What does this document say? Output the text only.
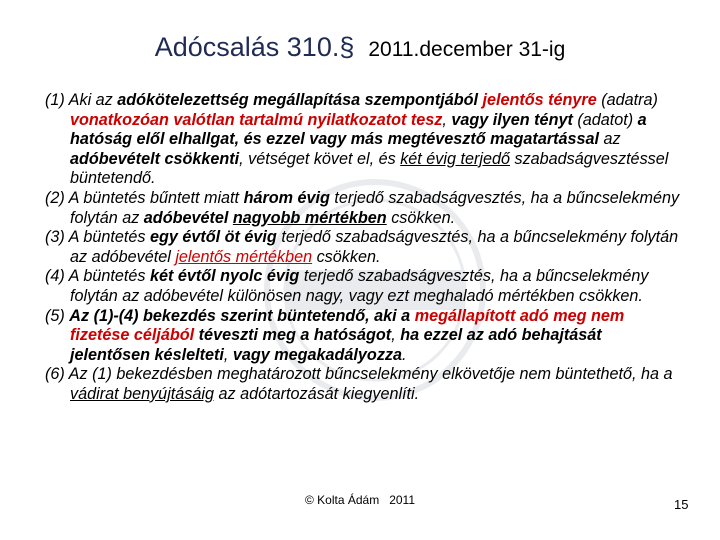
Adócsalás 310.§ 2011.december 31-ig

(1) Aki az adókötelezettség megállapítása szempontjából jelentős tényre (adatra) vonatkozóan valótlan tartalmú nyilatkozatot tesz, vagy ilyen tényt (adatot) a hatóság elől elhallgat, és ezzel vagy más megtévesztő magatartással az adóbevételt csökkenti, vétséget követ el, és két évig terjedő szabadságvesztéssel büntetendő.

(2) A büntetés bűntett miatt három évig terjedő szabadságvesztés, ha a bűncselekmény folytán az adóbevétel nagyobb mértékben csökken.

(3) A büntetés egy évtől öt évig terjedő szabadságvesztés, ha a bűncselekmény folytán az adóbevétel jelentős mértékben csökken.

(4) A büntetés két évtől nyolc évig terjedő szabadságvesztés, ha a bűncselekmény folytán az adóbevétel különösen nagy, vagy ezt meghaladó mértékben csökken.

(5) Az (1)-(4) bekezdés szerint büntetendő, aki a megállapított adó meg nem fizetése céljából téveszti meg a hatóságot, ha ezzel az adó behajtását jelentősen késlelteti, vagy megakadályozza.

(6) Az (1) bekezdésben meghatározott bűncselekmény elkövetője nem büntethető, ha a vádirat benyújtásáig az adótartozását kiegyenlíti.

© Kolta Ádám   2011	15
